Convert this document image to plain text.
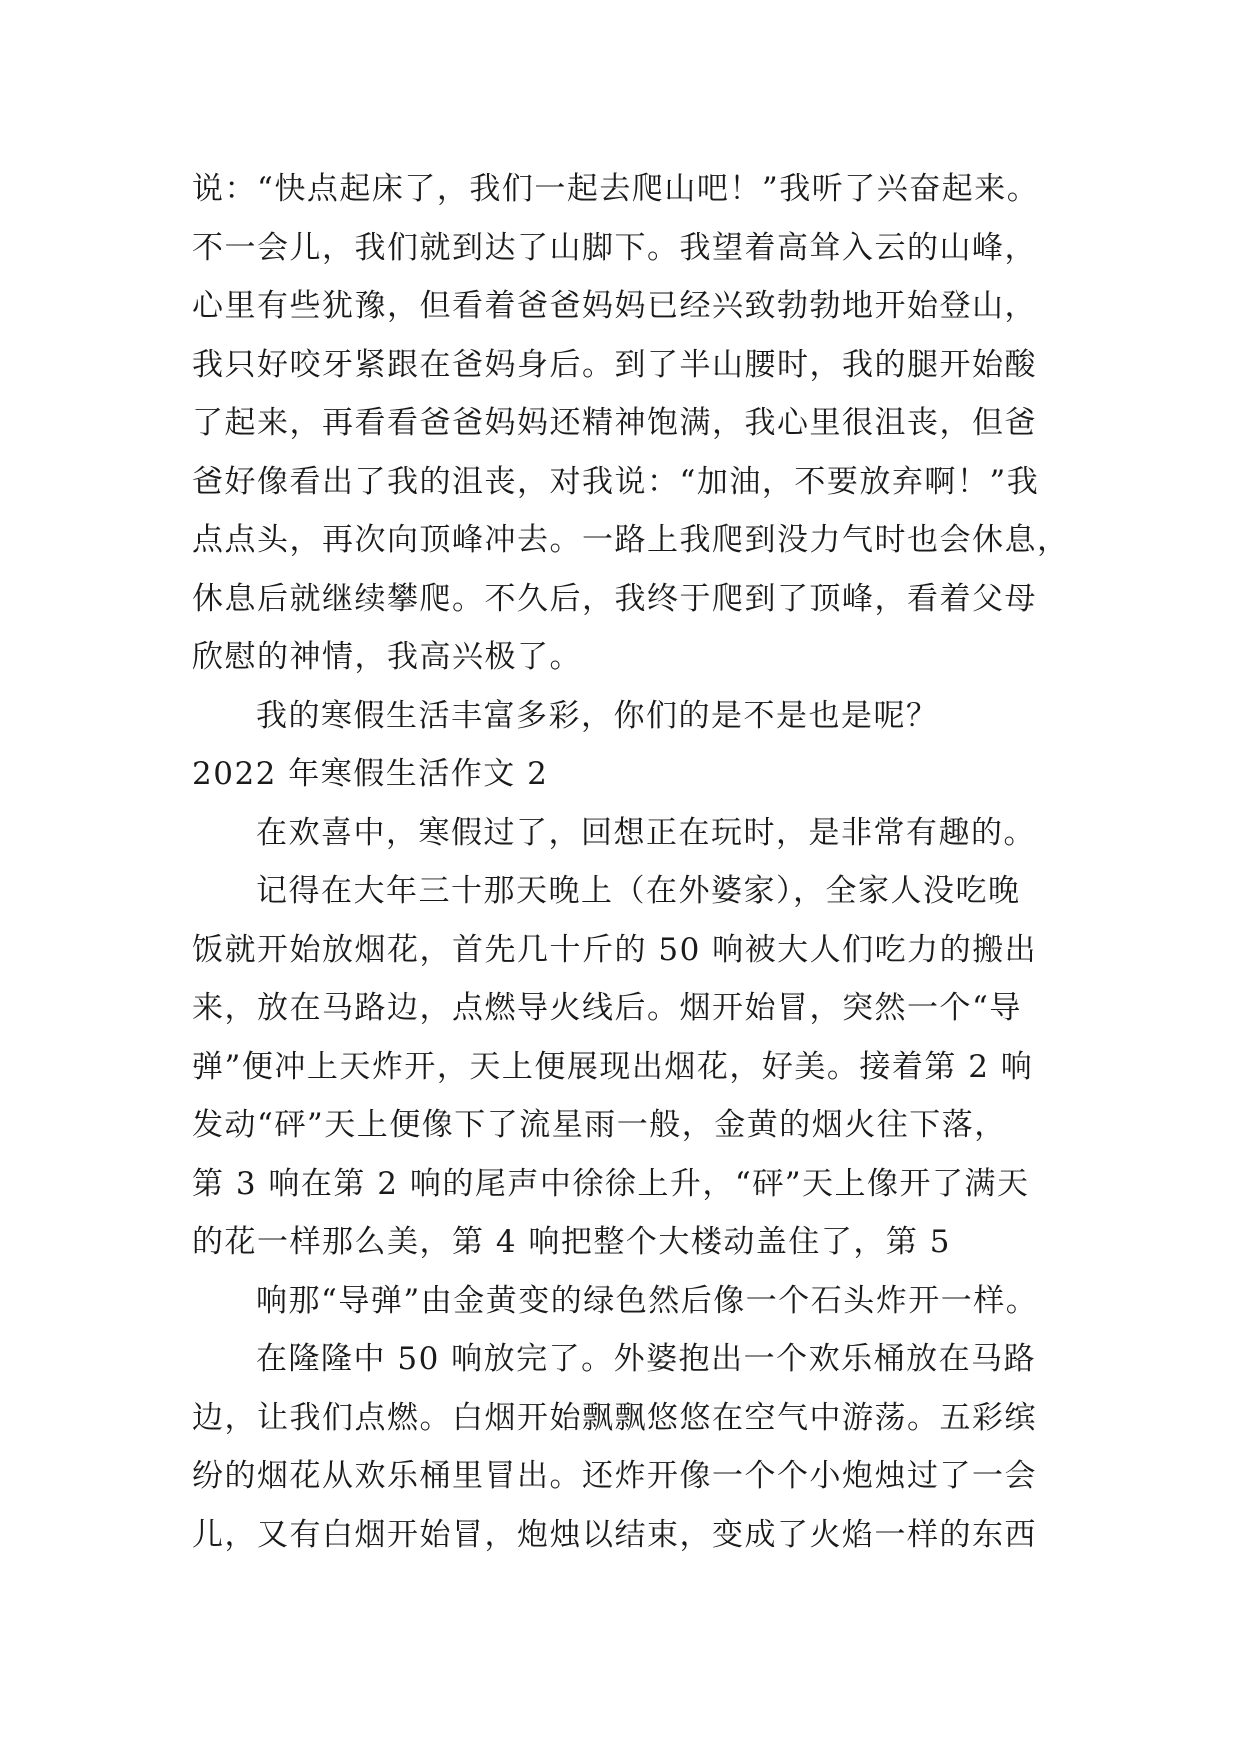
说：“快点起床了，我们一起去爬山吧！”我听了兴奋起来。
不一会儿，我们就到达了山脚下。我望着高耸入云的山峰，
心里有些犹豫，但看着爸爸妈妈已经兴致勃勃地开始登山，
我只好咬牙紧跟在爸妈身后。到了半山腰时，我的腿开始酸
了起来，再看看爸爸妈妈还精神饱满，我心里很沮丧，但爸
爸好像看出了我的沮丧，对我说：“加油，不要放弃啊！”我
点点头，再次向顶峰冲去。一路上我爬到没力气时也会休息，
休息后就继续攀爬。不久后，我终于爬到了顶峰，看着父母
欣慰的神情，我高兴极了。
我的寒假生活丰富多彩，你们的是不是也是呢？
2022 年寒假生活作文 2
在欢喜中，寒假过了，回想正在玩时，是非常有趣的。
记得在大年三十那天晚上（在外婆家），全家人没吃晚
饭就开始放烟花，首先几十斤的 50 响被大人们吃力的搬出
来，放在马路边，点燃导火线后。烟开始冒，突然一个“导
弹”便冲上天炸开，天上便展现出烟花，好美。接着第 2 响
发动“砰”天上便像下了流星雨一般，金黄的烟火往下落，
第 3 响在第 2 响的尾声中徐徐上升，“砰”天上像开了满天
的花一样那么美，第 4 响把整个大楼动盖住了，第 5
响那“导弹”由金黄变的绿色然后像一个石头炸开一样。
在隆隆中 50 响放完了。外婆抱出一个欢乐桶放在马路
边，让我们点燃。白烟开始飘飘悠悠在空气中游荡。五彩缤
纷的烟花从欢乐桶里冒出。还炸开像一个个小炮烛过了一会
儿，又有白烟开始冒，炮烛以结束，变成了火焰一样的东西
